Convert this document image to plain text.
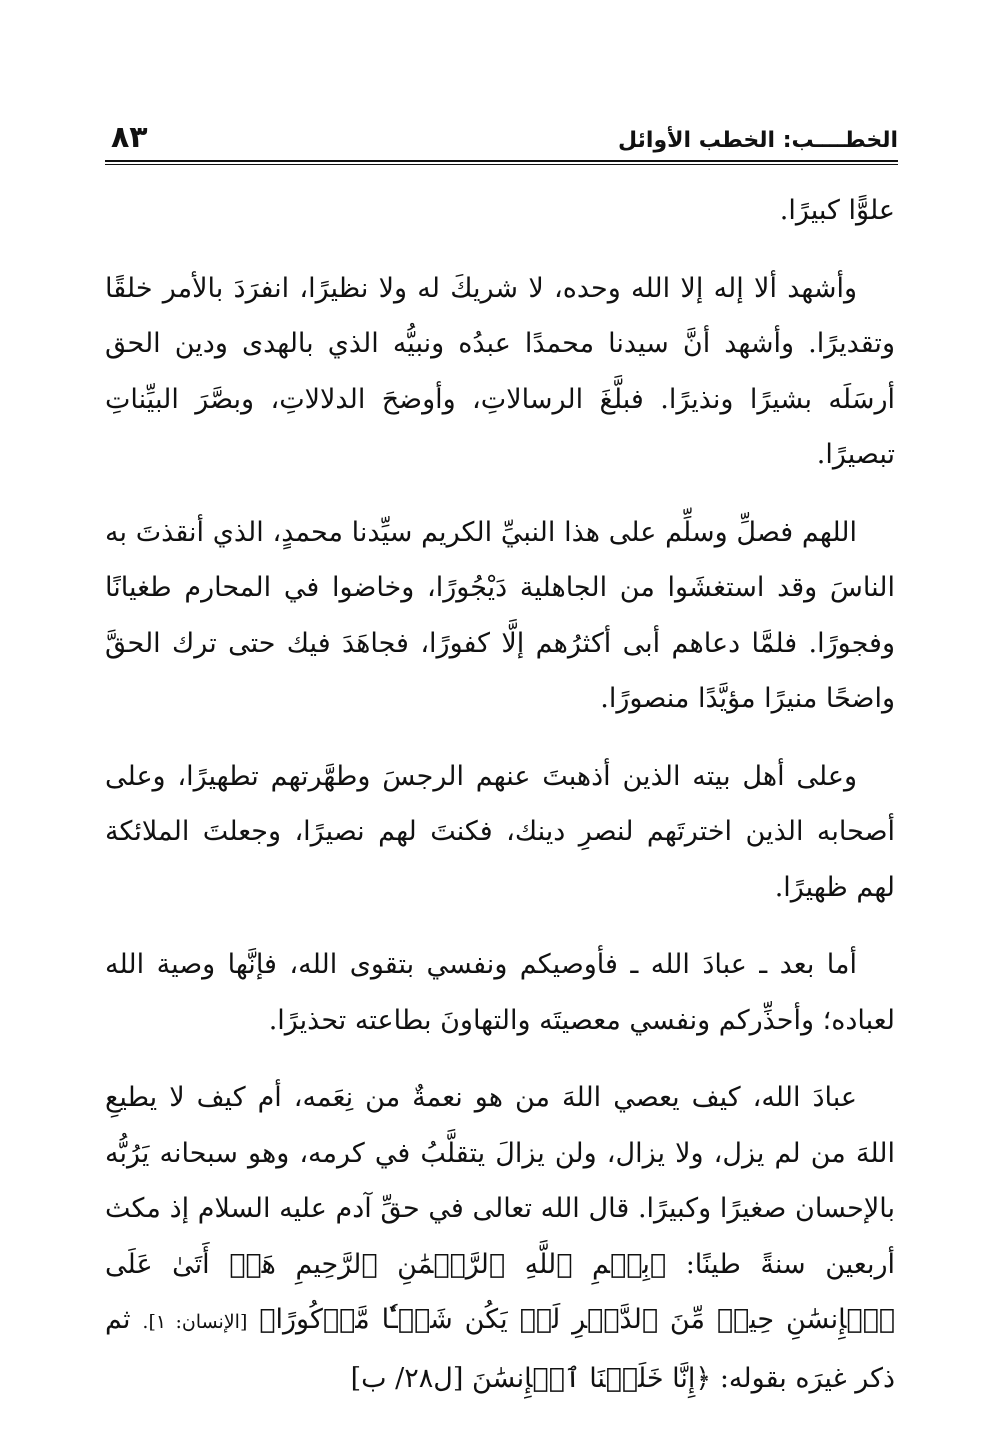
الخطــــب: الخطب الأوائل
٨٣

علوًّا كبيرًا.

وأشهد ألا إله إلا الله وحده، لا شريكَ له ولا نظيرًا، انفرَدَ بالأمر خلقًا وتقديرًا. وأشهد أنَّ سيدنا محمدًا عبدُه ونبيُّه الذي بالهدى ودين الحق أرسَلَه بشيرًا ونذيرًا. فبلَّغَ الرسالاتِ، وأوضحَ الدلالاتِ، وبصَّرَ البيِّناتِ تبصيرًا.

اللهم فصلِّ وسلِّم على هذا النبيِّ الكريم سيِّدنا محمدٍ، الذي أنقذتَ به الناسَ وقد استغشَوا من الجاهلية دَيْجُورًا، وخاضوا في المحارم طغيانًا وفجورًا. فلمَّا دعاهم أبى أكثرُهم إلَّا كفورًا، فجاهَدَ فيك حتى ترك الحقَّ واضحًا منيرًا مؤيَّدًا منصورًا.

وعلى أهل بيته الذين أذهبتَ عنهم الرجسَ وطهَّرتهم تطهيرًا، وعلى أصحابه الذين اخترتَهم لنصرِ دينك، فكنتَ لهم نصيرًا، وجعلتَ الملائكة لهم ظهيرًا.

أما بعد ـ عبادَ الله ـ فأوصيكم ونفسي بتقوى الله، فإنَّها وصية الله لعباده؛ وأحذِّركم ونفسي معصيتَه والتهاونَ بطاعته تحذيرًا.

عبادَ الله، كيف يعصي اللهَ من هو نعمةٌ من نِعَمه، أم كيف لا يطيعِ اللهَ من لم يزل، ولا يزال، ولن يزالَ يتقلَّبُ في كرمه، وهو سبحانه يَرُبُّه بالإحسان صغيرًا وكبيرًا. قال الله تعالى في حقِّ آدم عليه السلام إذ مكث أربعين سنةً طينًا: ﴿بِسۡمِ ٱللَّهِ ٱلرَّحۡمَٰنِ ٱلرَّحِيمِ هَلۡ أَتَىٰ عَلَى ٱلۡإِنسَٰنِ حِينٞ مِّنَ ٱلدَّهۡرِ لَمۡ يَكُن شَيۡـٔٗا مَّذۡكُورًا﴾ [الإنسان: ١]. ثم ذكر غيرَه بقوله: ﴿إِنَّا خَلَقۡنَا ٱلۡإِنسَٰنَ [ل٢٨/ ب]
